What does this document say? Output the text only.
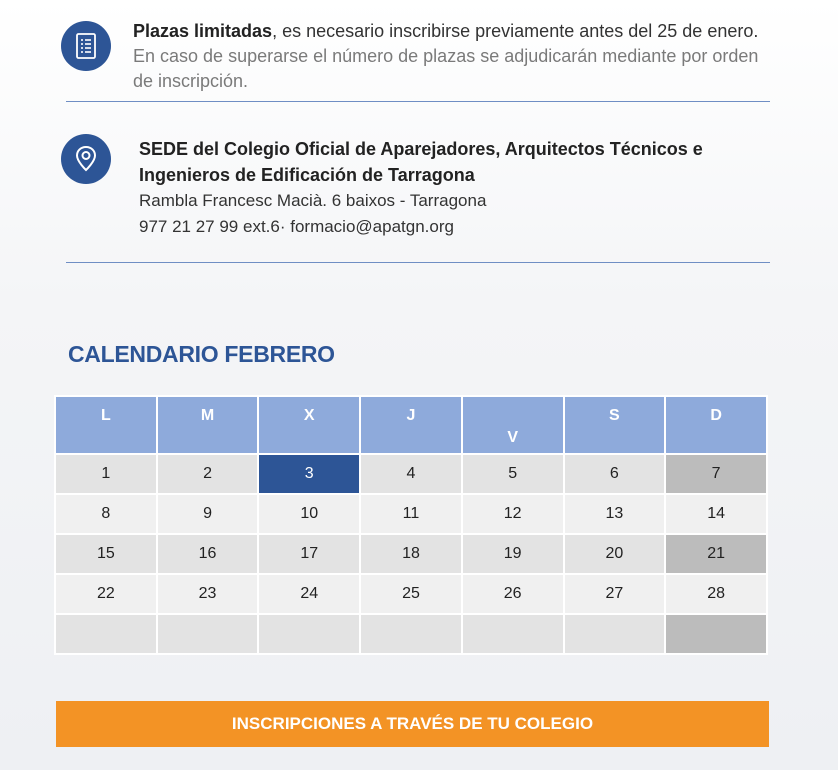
Plazas limitadas, es necesario inscribirse previamente antes del 25 de enero. En caso de superarse el número de plazas se adjudicarán mediante por orden de inscripción.
SEDE del Colegio Oficial de Aparejadores, Arquitectos Técnicos e Ingenieros de Edificación de Tarragona
Rambla Francesc Macià. 6 baixos - Tarragona
977 21 27 99 ext.6· formacio@apatgn.org
CALENDARIO FEBRERO
L	M	X	J	V	S	D
1	2	3	4	5	6	7
8	9	10	11	12	13	14
15	16	17	18	19	20	21
22	23	24	25	26	27	28

INSCRIPCIONES A TRAVÉS DE TU COLEGIO
